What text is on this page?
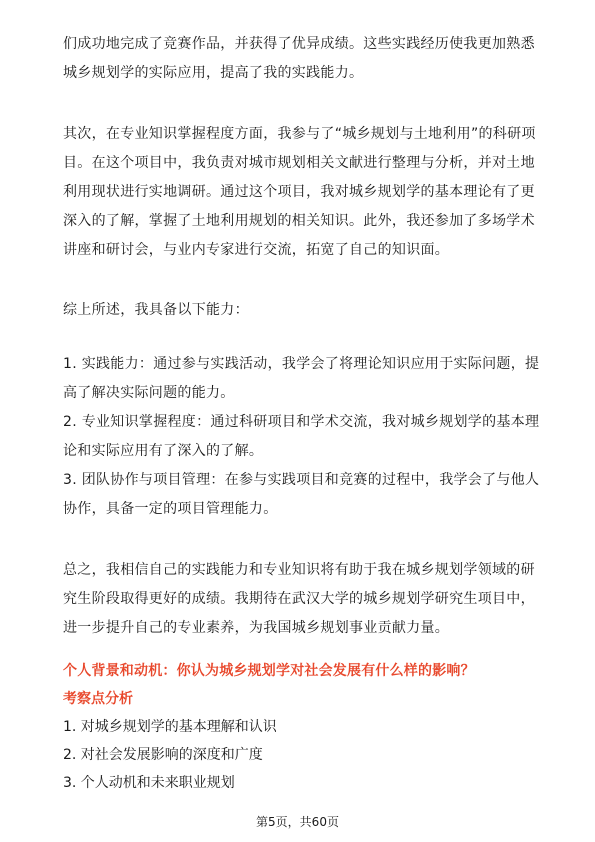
们成功地完成了竞赛作品，并获得了优异成绩。这些实践经历使我更加熟悉城乡规划学的实际应用，提高了我的实践能力。

其次，在专业知识掌握程度方面，我参与了“城乡规划与土地利用”的科研项目。在这个项目中，我负责对城市规划相关文献进行整理与分析，并对土地利用现状进行实地调研。通过这个项目，我对城乡规划学的基本理论有了更深入的了解，掌握了土地利用规划的相关知识。此外，我还参加了多场学术讲座和研讨会，与业内专家进行交流，拓宽了自己的知识面。

综上所述，我具备以下能力：

1. 实践能力：通过参与实践活动，我学会了将理论知识应用于实际问题，提高了解决实际问题的能力。

2. 专业知识掌握程度：通过科研项目和学术交流，我对城乡规划学的基本理论和实际应用有了深入的了解。

3. 团队协作与项目管理：在参与实践项目和竞赛的过程中，我学会了与他人协作，具备一定的项目管理能力。

总之，我相信自己的实践能力和专业知识将有助于我在城乡规划学领域的研究生阶段取得更好的成绩。我期待在武汉大学的城乡规划学研究生项目中，进一步提升自己的专业素养，为我国城乡规划事业贡献力量。

个人背景和动机：你认为城乡规划学对社会发展有什么样的影响？
考察点分析
1. 对城乡规划学的基本理解和认识
2. 对社会发展影响的深度和广度
3. 个人动机和未来职业规划
第5页，共60页
